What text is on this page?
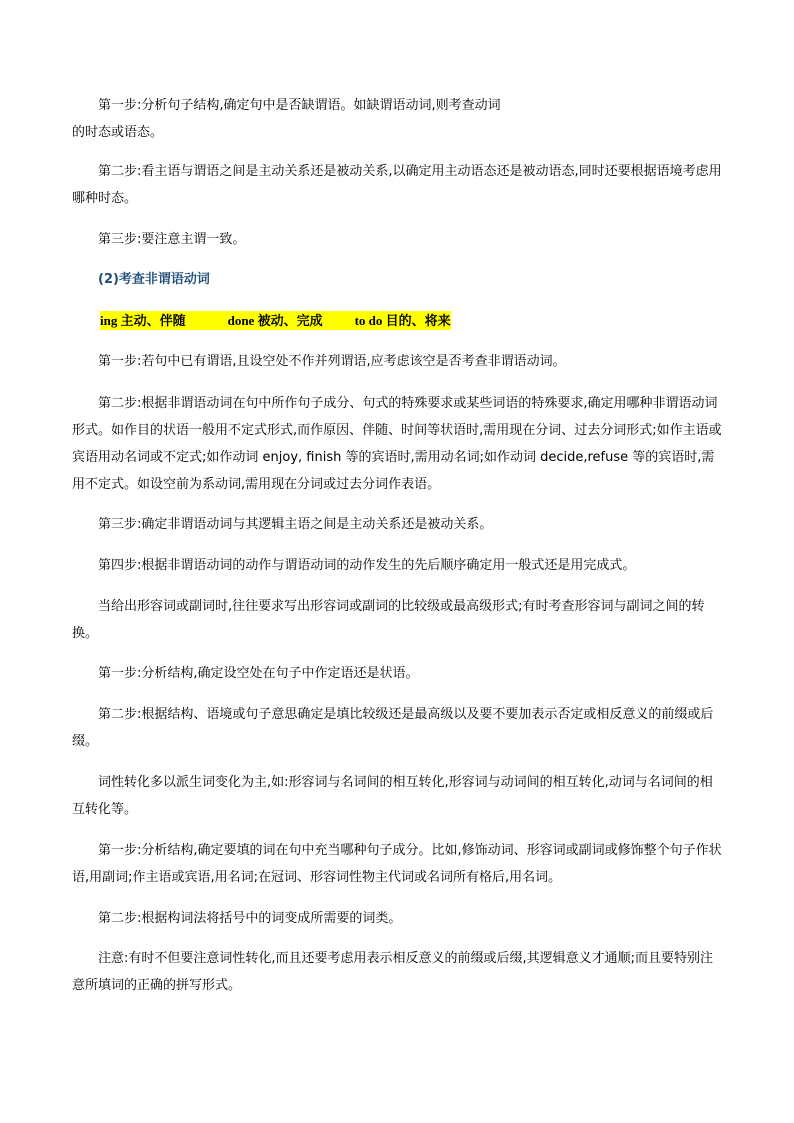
第一步:分析句子结构,确定句中是否缺谓语。如缺谓语动词,则考查动词

的时态或语态。

第二步:看主语与谓语之间是主动关系还是被动关系,以确定用主动语态还是被动语态,同时还要根据语境考虑用哪种时态。

第三步:要注意主谓一致。

(2)考查非谓语动词

ing 主动、伴随	done 被动、完成 to do 目的、将来

第一步:若句中已有谓语,且设空处不作并列谓语,应考虑该空是否考查非谓语动词。

第二步:根据非谓语动词在句中所作句子成分、句式的特殊要求或某些词语的特殊要求,确定用哪种非谓语动词形式。如作目的状语一般用不定式形式,而作原因、伴随、时间等状语时,需用现在分词、过去分词形式;如作主语或宾语用动名词或不定式;如作动词 enjoy, finish 等的宾语时,需用动名词;如作动词 decide,refuse 等的宾语时,需用不定式。如设空前为系动词,需用现在分词或过去分词作表语。

第三步:确定非谓语动词与其逻辑主语之间是主动关系还是被动关系。

第四步:根据非谓语动词的动作与谓语动词的动作发生的先后顺序确定用一般式还是用完成式。

当给出形容词或副词时,往往要求写出形容词或副词的比较级或最高级形式;有时考查形容词与副词之间的转换。

第一步:分析结构,确定设空处在句子中作定语还是状语。

第二步:根据结构、语境或句子意思确定是填比较级还是最高级以及要不要加表示否定或相反意义的前缀或后缀。

词性转化多以派生词变化为主,如:形容词与名词间的相互转化,形容词与动词间的相互转化,动词与名词间的相互转化等。

第一步:分析结构,确定要填的词在句中充当哪种句子成分。比如,修饰动词、形容词或副词或修饰整个句子作状语,用副词;作主语或宾语,用名词;在冠词、形容词性物主代词或名词所有格后,用名词。

第二步:根据构词法将括号中的词变成所需要的词类。

注意:有时不但要注意词性转化,而且还要考虑用表示相反意义的前缀或后缀,其逻辑意义才通顺;而且要特别注意所填词的正确的拼写形式。
